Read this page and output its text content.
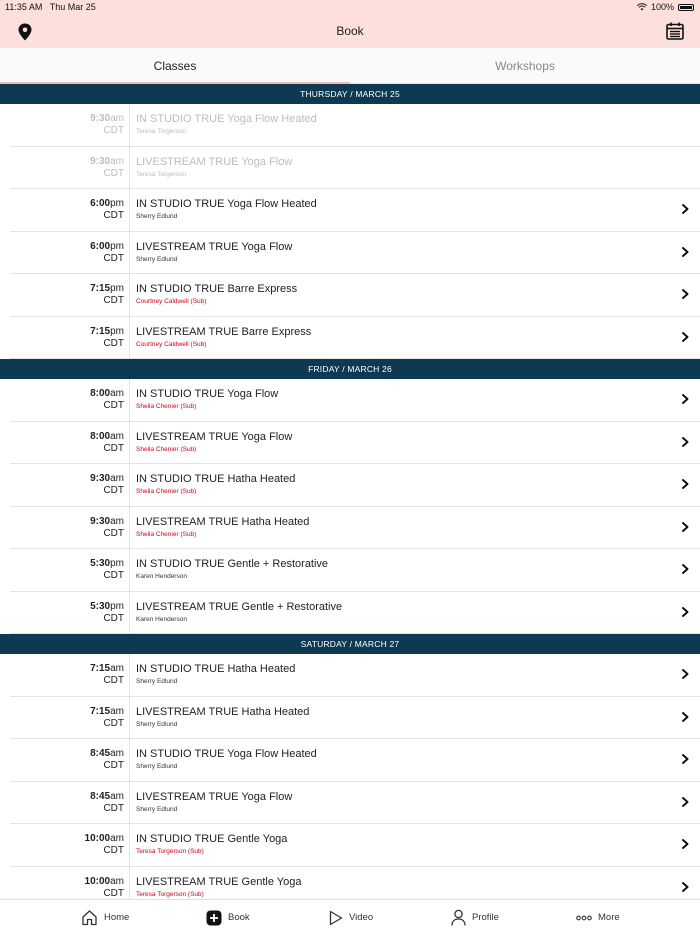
11:35 AM Thu Mar 25	100%
Book
Classes	Workshops
THURSDAY / MARCH 25
9:30am
CDT
IN STUDIO TRUE Yoga Flow Heated
Teresa Torgerson
9:30am
CDT
LIVESTREAM TRUE Yoga Flow
Teresa Torgerson
6:00pm
CDT
IN STUDIO TRUE Yoga Flow Heated
Sherry Edlund
6:00pm
CDT
LIVESTREAM TRUE Yoga Flow
Sherry Edlund
7:15pm
CDT
IN STUDIO TRUE Barre Express
Courtney Caldwell (Sub)
7:15pm
CDT
LIVESTREAM TRUE Barre Express
Courtney Caldwell (Sub)
FRIDAY / MARCH 26
8:00am
CDT
IN STUDIO TRUE Yoga Flow
Sheila Chenier (Sub)
8:00am
CDT
LIVESTREAM TRUE Yoga Flow
Sheila Chenier (Sub)
9:30am
CDT
IN STUDIO TRUE Hatha Heated
Sheila Chenier (Sub)
9:30am
CDT
LIVESTREAM TRUE Hatha Heated
Sheila Chenier (Sub)
5:30pm
CDT
IN STUDIO TRUE Gentle + Restorative
Karen Henderson
5:30pm
CDT
LIVESTREAM TRUE Gentle + Restorative
Karen Henderson
SATURDAY / MARCH 27
7:15am
CDT
IN STUDIO TRUE Hatha Heated
Sherry Edlund
7:15am
CDT
LIVESTREAM TRUE Hatha Heated
Sherry Edlund
8:45am
CDT
IN STUDIO TRUE Yoga Flow Heated
Sherry Edlund
8:45am
CDT
LIVESTREAM TRUE Yoga Flow
Sherry Edlund
10:00am
CDT
IN STUDIO TRUE Gentle Yoga
Teresa Torgerson (Sub)
10:00am
CDT
LIVESTREAM TRUE Gentle Yoga
Teresa Torgerson (Sub)
Home	Book	Video	Profile	More
